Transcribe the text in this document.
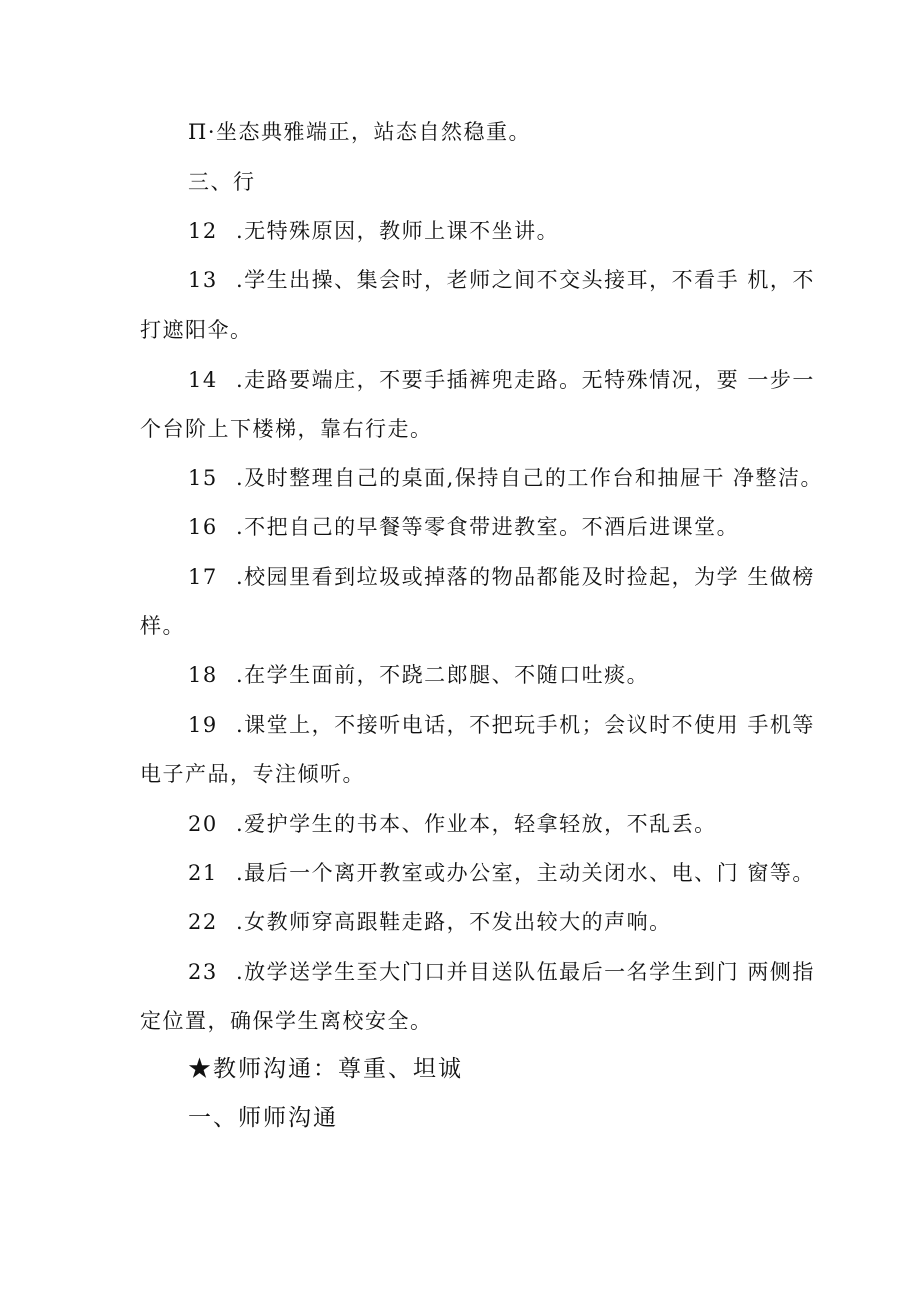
Π·坐态典雅端正，站态自然稳重。
三、行
12 .无特殊原因，教师上课不坐讲。
13 .学生出操、集会时，老师之间不交头接耳，不看手 机，不
打遮阳伞。
14 .走路要端庄，不要手插裤兜走路。无特殊情况，要 一步一
个台阶上下楼梯，靠右行走。
15 .及时整理自己的桌面,保持自己的工作台和抽屉干 净整洁。
16 .不把自己的早餐等零食带进教室。不酒后进课堂。
17 .校园里看到垃圾或掉落的物品都能及时捡起，为学 生做榜
样。
18 .在学生面前，不跷二郎腿、不随口吐痰。
19 .课堂上，不接听电话，不把玩手机；会议时不使用 手机等
电子产品，专注倾听。
20 .爱护学生的书本、作业本，轻拿轻放，不乱丢。
21 .最后一个离开教室或办公室，主动关闭水、电、门 窗等。
22 .女教师穿高跟鞋走路，不发出较大的声响。
23 .放学送学生至大门口并目送队伍最后一名学生到门 两侧指
定位置，确保学生离校安全。
★教师沟通：尊重、坦诚
一、师师沟通
